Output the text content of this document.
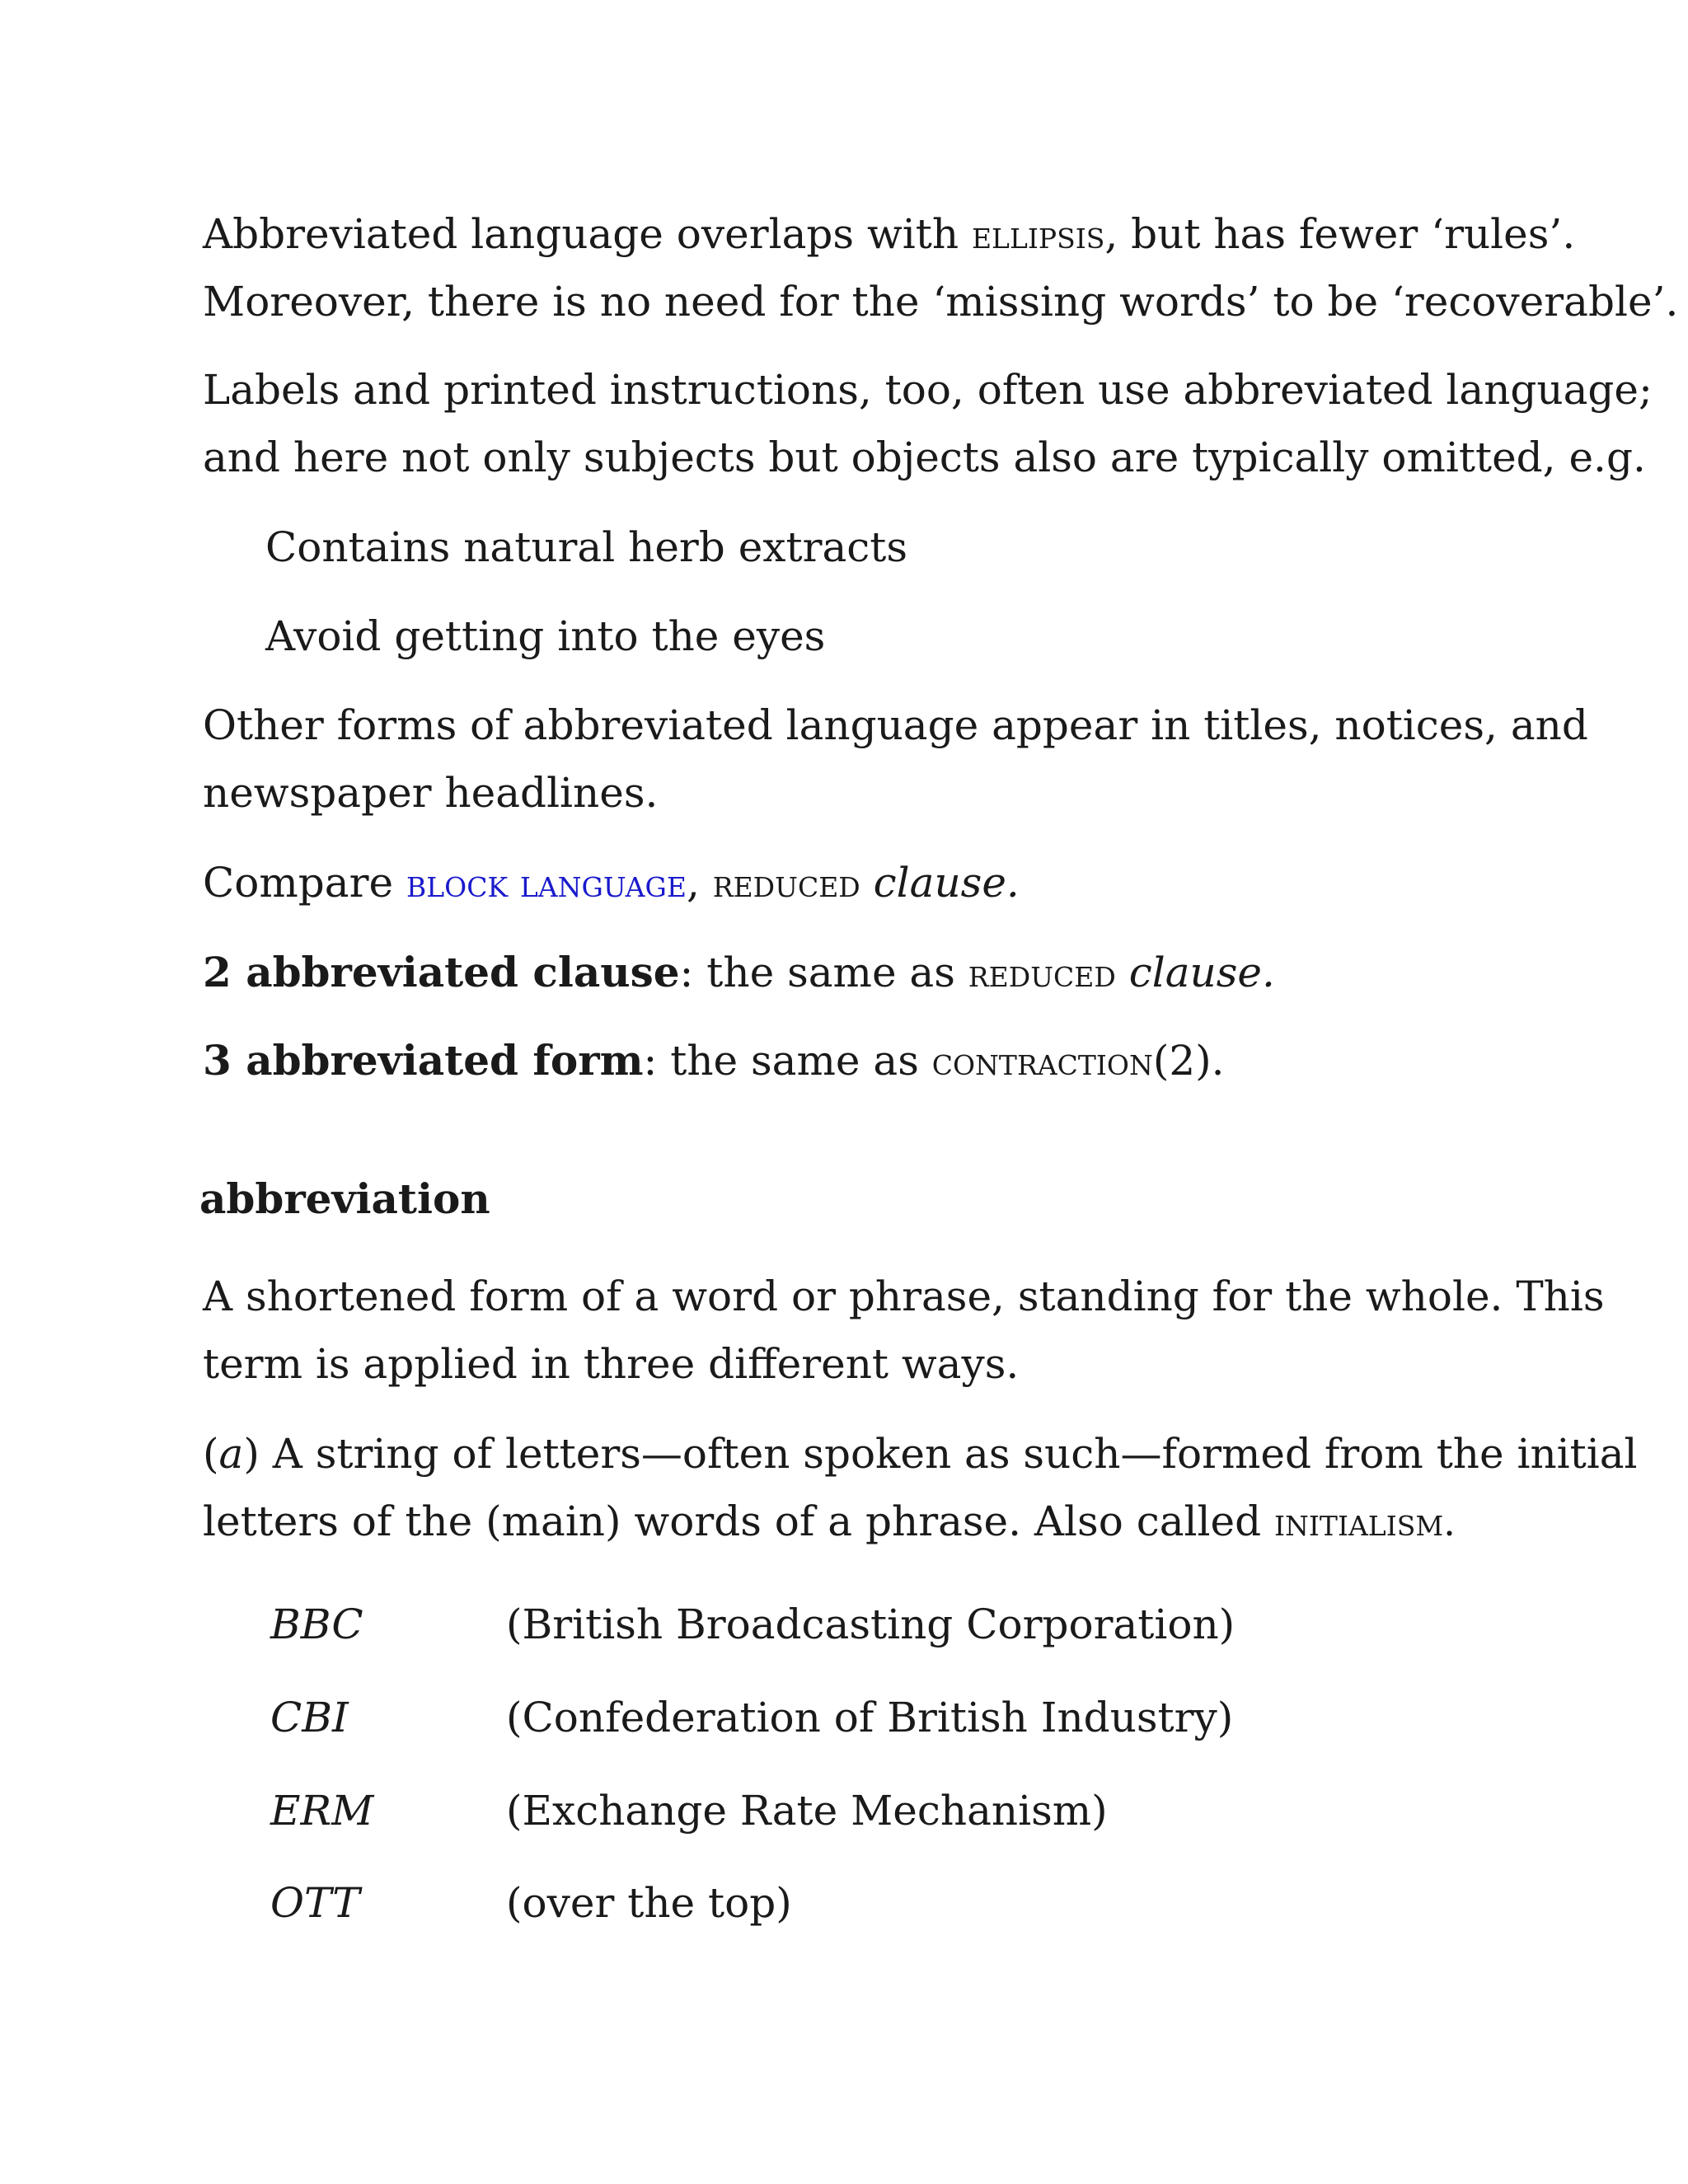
Abbreviated language overlaps with ellipsis, but has fewer ‘rules’.

Moreover, there is no need for the ‘missing words’ to be ‘recoverable’.

Labels and printed instructions, too, often use abbreviated language;

and here not only subjects but objects also are typically omitted, e.g.

Contains natural herb extracts

Avoid getting into the eyes

Other forms of abbreviated language appear in titles, notices, and

newspaper headlines.

Compare block language, reduced clause.

2 abbreviated clause: the same as reduced clause.

3 abbreviated form: the same as contraction(2).

abbreviation

A shortened form of a word or phrase, standing for the whole. This

term is applied in three different ways.

(a) A string of letters—often spoken as such—formed from the initial

letters of the (main) words of a phrase. Also called initialism.

BBC	(British Broadcasting Corporation)
CBI	(Confederation of British Industry)
ERM	(Exchange Rate Mechanism)
OTT	(over the top)
